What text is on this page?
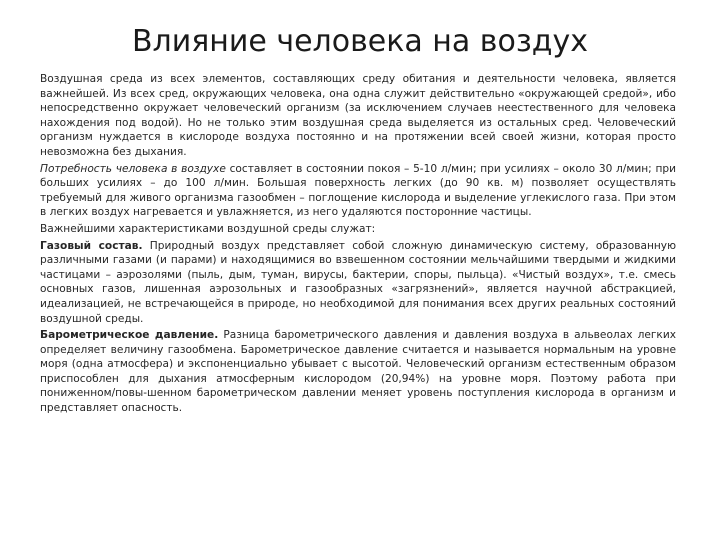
Влияние человека на воздух

Воздушная среда из всех элементов, составляющих среду обитания и деятельности человека, является важнейшей. Из всех сред, окружающих человека, она одна служит действительно «окружающей средой», ибо непосредственно окружает человеческий организм (за исключением случаев неестественного для человека нахождения под водой). Но не только этим воздушная среда выделяется из остальных сред. Человеческий организм нуждается в кислороде воздуха постоянно и на протяжении всей своей жизни, которая просто невозможна без дыхания.

Потребность человека в воздухе составляет в состоянии покоя – 5-10 л/мин; при усилиях – около 30 л/мин; при больших усилиях – до 100 л/мин. Большая поверхность легких (до 90 кв. м) позволяет осуществлять требуемый для живого организма газообмен – поглощение кислорода и выделение углекислого газа. При этом в легких воздух нагревается и увлажняется, из него удаляются посторонние частицы.

Важнейшими характеристиками воздушной среды служат:

Газовый состав. Природный воздух представляет собой сложную динамическую систему, образованную различными газами (и парами) и находящимися во взвешенном состоянии мельчайшими твердыми и жидкими частицами – аэрозолями (пыль, дым, туман, вирусы, бактерии, споры, пыльца). «Чистый воздух», т.е. смесь основных газов, лишенная аэрозольных и газообразных «загрязнений», является научной абстракцией, идеализацией, не встречающейся в природе, но необходимой для понимания всех других реальных состояний воздушной среды.

Барометрическое давление. Разница барометрического давления и давления воздуха в альвеолах легких определяет величину газообмена. Барометрическое давление считается и называется нормальным на уровне моря (одна атмосфера) и экспоненциально убывает с высотой. Человеческий организм естественным образом приспособлен для дыхания атмосферным кислородом (20,94%) на уровне моря. Поэтому работа при пониженном/повы-шенном барометрическом давлении меняет уровень поступления кислорода в организм и представляет опасность.
